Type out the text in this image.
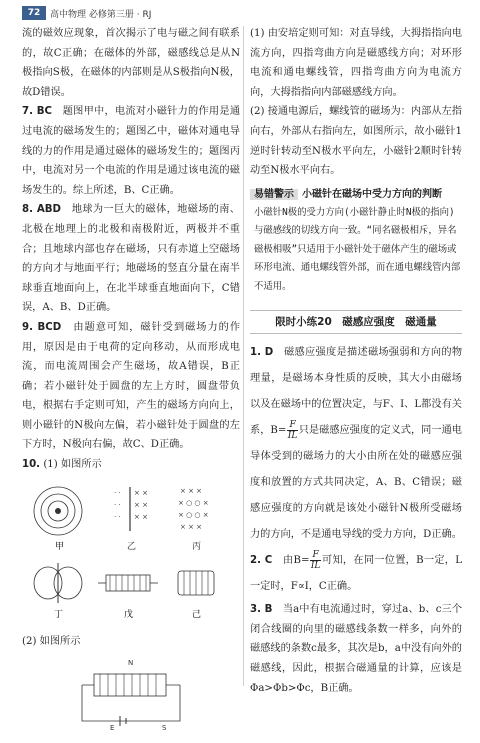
72	高中物理 必修第三册 · RJ

流的磁效应现象，首次揭示了电与磁之间有联系的，故C正确；在磁体的外部，磁感线总是从N极指向S极，在磁体的内部则是从S极指向N极，故D错误。

7. BC　 题图甲中，电流对小磁针力的作用是通过电流的磁场发生的；题图乙中，磁体对通电导线的力的作用是通过磁体的磁场发生的；题图丙中，电流对另一个电流的作用是通过该电流的磁场发生的。综上所述，B、C正确。

8. ABD　 地球为一巨大的磁体，地磁场的南、北极在地理上的北极和南极附近，两极并不重合；且地球内部也存在磁场，只有赤道上空磁场的方向才与地面平行；地磁场的竖直分量在南半球垂直地面向上，在北半球垂直地面向下，C错误，A、B、D正确。

9. BCD　 由题意可知，磁针受到磁场力的作用，原因是由于电荷的定向移动，从而形成电流，而电流周围会产生磁场，故A错误，B正确；若小磁针处于圆盘的左上方时，圆盘带负电，根据右手定则可知，产生的磁场方向向上，则小磁针的N极向左偏，若小磁针处于圆盘的左下方时，N极向右偏，故C、D正确。

10. (1) 如图所示

甲
· · × ×
· · × ×
· · × ×
乙
× × ×
× ○ ○ ×
× ○ ○ ×
× × ×
丙
丁	戊	己

(2) 如图所示

N
E	S

(1) 由安培定则可知：对直导线，大拇指指向电流方向，四指弯曲方向是磁感线方向；对环形电流和通电螺线管，四指弯曲方向为电流方向，大拇指指向内部磁感线方向。

(2) 接通电源后，螺线管的磁场为：内部从左指向右，外部从右指向左，如图所示，故小磁针1逆时针转动至N极水平向左，小磁针2顺时针转动至N极水平向右。

易错警示 小磁针在磁场中受力方向的判断
小磁针N极的受力方向(小磁针静止时N极的指向)与磁感线的切线方向一致。“同名磁极相斥，异名磁极相吸”只适用于小磁针处于磁体产生的磁场或环形电流、通电螺线管外部，而在通电螺线管内部不适用。
限时小练20　磁感应强度　磁通量

1. D　 磁感应强度是描述磁场强弱和方向的物理量，是磁场本身性质的反映，其大小由磁场以及在磁场中的位置决定，与F、I、L都没有关系，$B= \frac{F}{IL}$ 只是磁感应强度的定义式，同一通电导体受到的磁场力的大小由所在处的磁感应强度和放置的方式共同决定，A、B、C错误；磁感应强度的方向就是该处小磁针N极所受磁场力的方向，不是通电导线的受力方向，D正确。

2. C　 由$B= \frac{F}{IL}$ 可知，在同一位置，B一定，L一定时，F∝I，C正确。

3. B　 当a中有电流通过时，穿过a、b、c三个闭合线圈的向里的磁感线条数一样多，向外的磁感线的条数c最多，其次是b，a中没有向外的磁感线，因此，根据合磁通量的计算，应该是Φa>Φb>Φc，B正确。
